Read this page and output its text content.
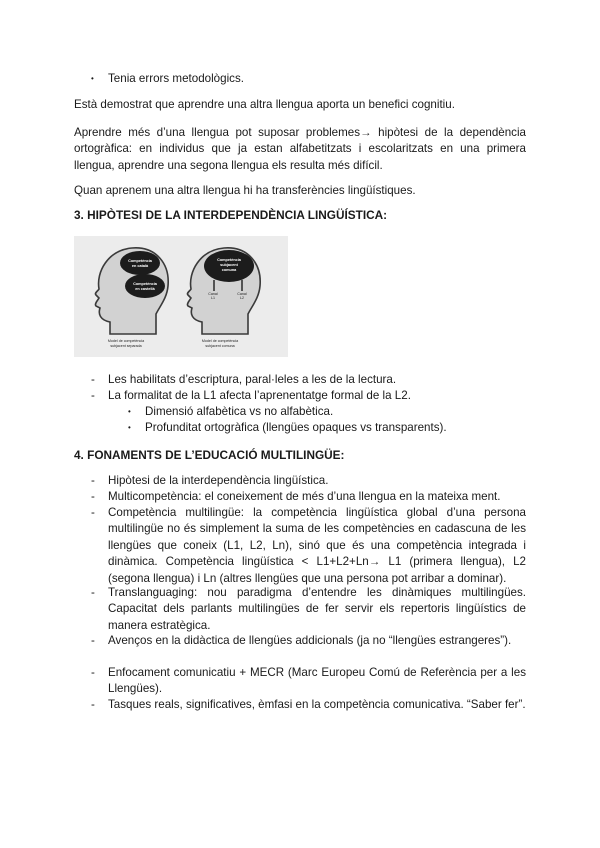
• Tenia errors metodològics.

Està demostrat que aprendre una altra llengua aporta un benefici cognitiu.

Aprendre més d’una llengua pot suposar problemes→ hipòtesi de la dependència ortogràfica: en individus que ja estan alfabetitzats i escolaritzats en una primera llengua, aprendre una segona llengua els resulta més difícil.

Quan aprenem una altra llengua hi ha transferències lingüístiques.

3. HIPÒTESI DE LA INTERDEPENDÈNCIA LINGÜÍSTICA:
Competència
en català
Competència
en castellà
Model de competència
subjacent separada
Competència
subjacent
comuna
Canal
L1
Canal
L2
Model de competència
subjacent comuna
- Les habilitats d’escriptura, paral·leles a les de la lectura.
- La formalitat de la L1 afecta l’aprenentatge formal de la L2.
• Dimensió alfabètica vs no alfabètica.
• Profunditat ortogràfica (llengües opaques vs transparents).
4. FONAMENTS DE L’EDUCACIÓ MULTILINGÜE:
- Hipòtesi de la interdependència lingüística.
- Multicompetència: el coneixement de més d’una llengua en la mateixa ment.
- Competència multilingüe: la competència lingüística global d’una persona multilingüe no és simplement la suma de les competències en cadascuna de les llengües que coneix (L1, L2, Ln), sinó que és una competència integrada i dinàmica. Competència lingüística < L1+L2+Ln→ L1 (primera llengua), L2 (segona llengua) i Ln (altres llengües que una persona pot arribar a dominar).
- Translanguaging: nou paradigma d’entendre les dinàmiques multilingües. Capacitat dels parlants multilingües de fer servir els repertoris lingüístics de manera estratègica.
- Avenços en la didàctica de llengües addicionals (ja no “llengües estrangeres”).
- Enfocament comunicatiu + MECR (Marc Europeu Comú de Referència per a les Llengües).
- Tasques reals, significatives, èmfasi en la competència comunicativa. “Saber fer”.
